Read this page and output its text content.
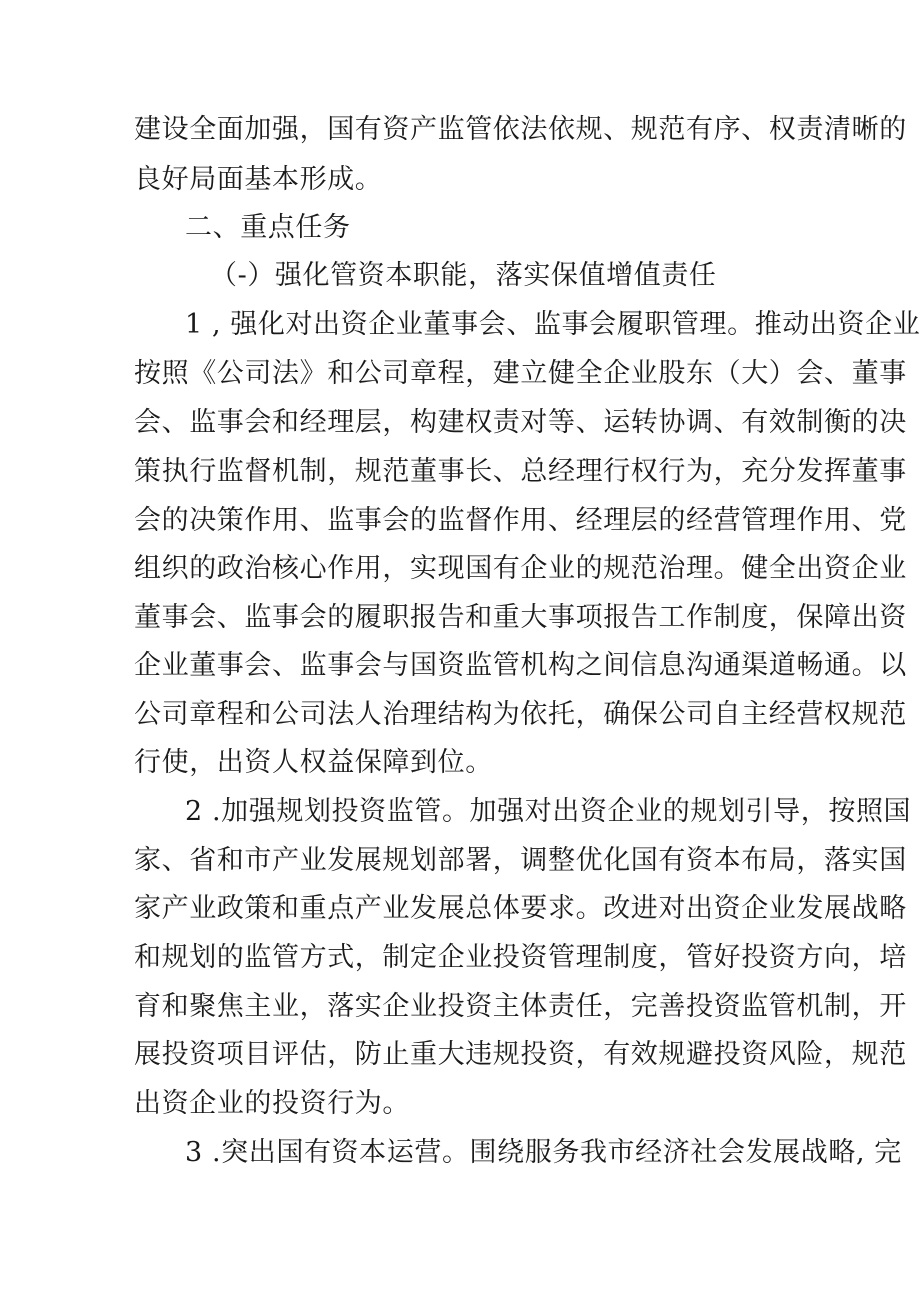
建设全面加强，国有资产监管依法依规、规范有序、权责清晰的
良好局面基本形成。
二、重点任务
（-）强化管资本职能，落实保值增值责任
1 , 强化对出资企业董事会、监事会履职管理。推动出资企业
按照《公司法》和公司章程，建立健全企业股东（大）会、董事
会、监事会和经理层，构建权责对等、运转协调、有效制衡的决
策执行监督机制，规范董事长、总经理行权行为，充分发挥董事
会的决策作用、监事会的监督作用、经理层的经营管理作用、党
组织的政治核心作用，实现国有企业的规范治理。健全出资企业
董事会、监事会的履职报告和重大事项报告工作制度，保障出资
企业董事会、监事会与国资监管机构之间信息沟通渠道畅通。以
公司章程和公司法人治理结构为依托，确保公司自主经营权规范
行使，出资人权益保障到位。
2 .加强规划投资监管。加强对出资企业的规划引导，按照国
家、省和市产业发展规划部署，调整优化国有资本布局，落实国
家产业政策和重点产业发展总体要求。改进对出资企业发展战略
和规划的监管方式，制定企业投资管理制度，管好投资方向，培
育和聚焦主业，落实企业投资主体责任，完善投资监管机制，开
展投资项目评估，防止重大违规投资，有效规避投资风险，规范
出资企业的投资行为。
3 .突出国有资本运营。围绕服务我市经济社会发展战略, 完
